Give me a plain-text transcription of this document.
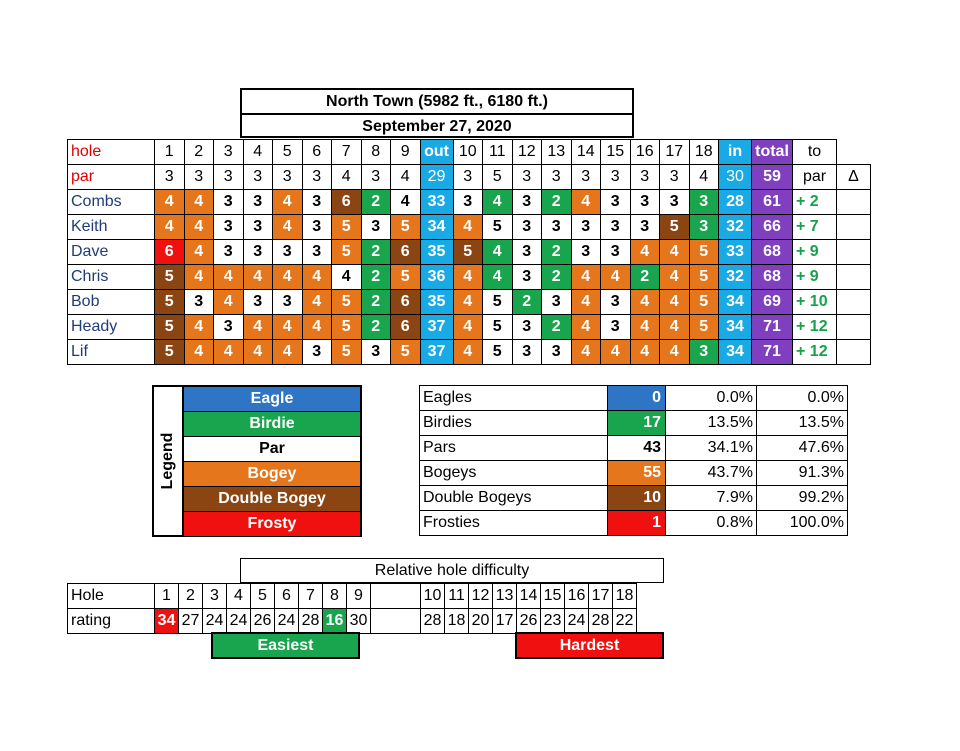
North Town (5982 ft., 6180 ft.)
September 27, 2020
hole	1	2	3	4	5	6	7	8	9	out	10	11	12	13	14	15	16	17	18	in	total	to	
par	3	3	3	3	3	3	4	3	4	29	3	5	3	3	3	3	3	3	4	30	59	par	Δ
Combs	4	4	3	3	4	3	6	2	4	33	3	4	3	2	4	3	3	3	3	28	61	+ 2	
Keith	4	4	3	3	4	3	5	3	5	34	4	5	3	3	3	3	3	5	3	32	66	+ 7	
Dave	6	4	3	3	3	3	5	2	6	35	5	4	3	2	3	3	4	4	5	33	68	+ 9	
Chris	5	4	4	4	4	4	4	2	5	36	4	4	3	2	4	4	2	4	5	32	68	+ 9	
Bob	5	3	4	3	3	4	5	2	6	35	4	5	2	3	4	3	4	4	5	34	69	+ 10	
Heady	5	4	3	4	4	4	5	2	6	37	4	5	3	2	4	3	4	4	5	34	71	+ 12	
Lif	5	4	4	4	4	3	5	3	5	37	4	5	3	3	4	4	4	4	3	34	71	+ 12	
Legend
Eagle
Birdie
Par
Bogey
Double Bogey
Frosty
Eagles	0	0.0%	0.0%
Birdies	17	13.5%	13.5%
Pars	43	34.1%	47.6%
Bogeys	55	43.7%	91.3%
Double Bogeys	10	7.9%	99.2%
Frosties	1	0.8%	100.0%
Relative hole difficulty
Hole	1	2	3	4	5	6	7	8	9		10	11	12	13	14	15	16	17	18
rating	34	27	24	24	26	24	28	16	30		28	18	20	17	26	23	24	28	22
Easiest	Hardest
